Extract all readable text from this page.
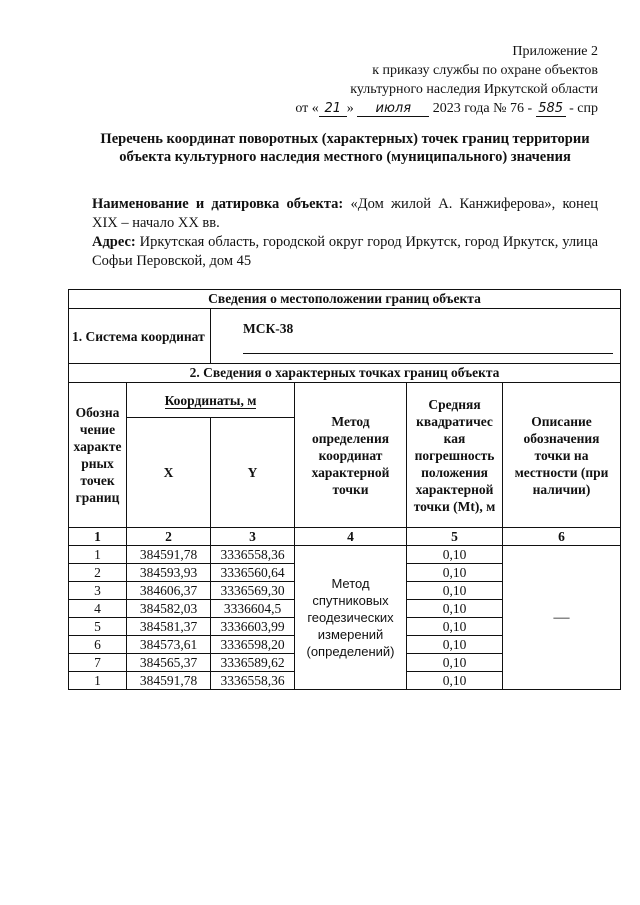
Приложение 2
к приказу службы по охране объектов
культурного наследия Иркутской области
от « 21 » июля 2023 года № 76 - 585 - спр
Перечень координат поворотных (характерных) точек границ территории объекта культурного наследия местного (муниципального) значения
Наименование и датировка объекта: «Дом жилой А. Канжиферова», конец XIX – начало XX вв.
Адрес: Иркутская область, городской округ город Иркутск, город Иркутск, улица Софьи Перовской, дом 45
Сведения о местоположении границ объекта					
1. Система координат		МСК-38			

2. Сведения о характерных точках границ объекта					
Обозна чение характе рных точек границ	Координаты, м		Метод определения координат характерной точки	Средняя квадратичес кая погрешность положения характерной точки (Mt), м	Описание обозначения точки на местности (при наличии)
	X	Y			
1	2	3	4	5	6
1	384591,78	3336558,36	Метод спутниковых геодезических измерений (определений)	0,10	—
2	384593,93	3336560,64		0,10	
3	384606,37	3336569,30		0,10	
4	384582,03	3336604,5		0,10	
5	384581,37	3336603,99		0,10	
6	384573,61	3336598,20		0,10	
7	384565,37	3336589,62		0,10	
1	384591,78	3336558,36		0,10	
